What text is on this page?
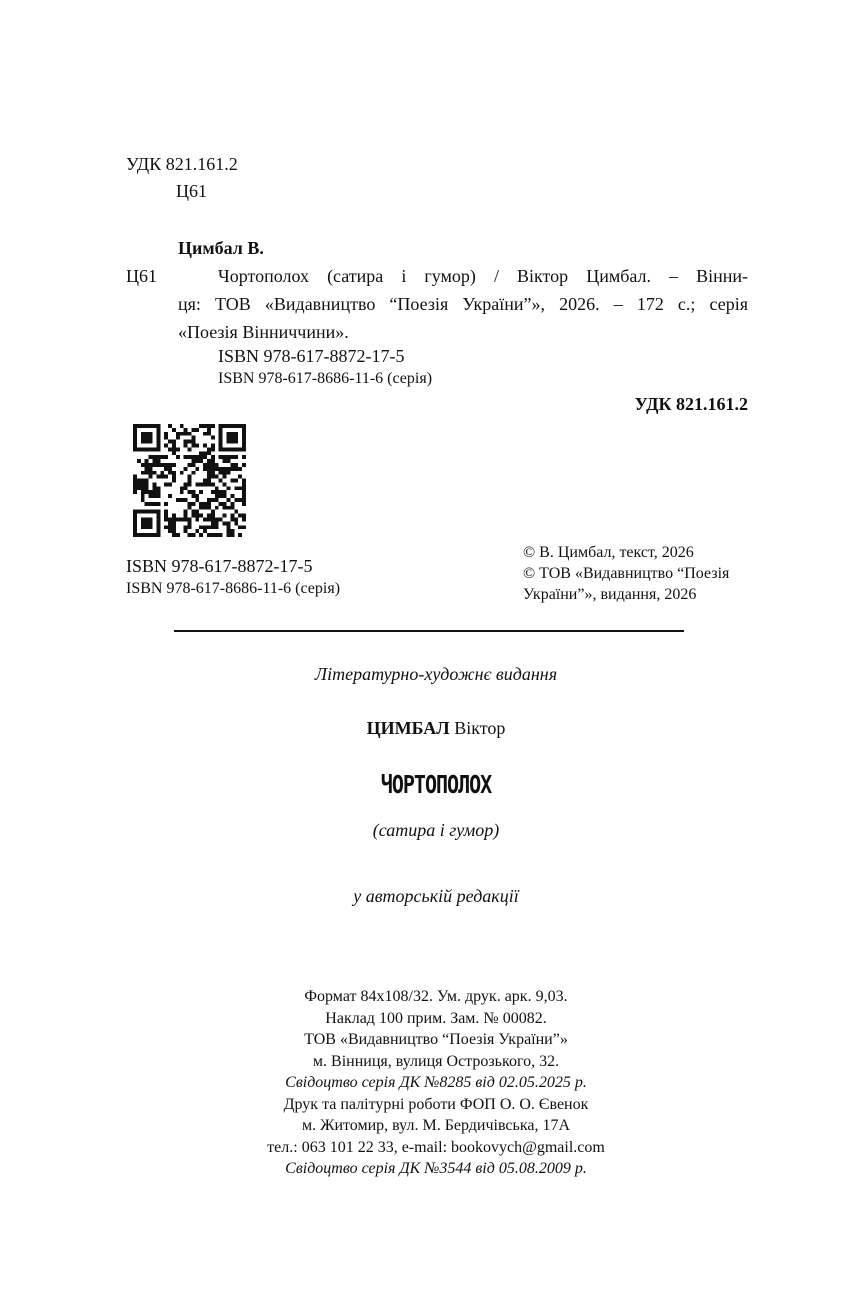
УДК 821.161.2
Ц61
Цимбал В.
Ц61	Чортополох (сатира і гумор) / Віктор Цимбал. – Вінни-
ця: ТОВ «Видавництво “Поезія України”», 2026. – 172 с.; серія
«Поезія Вінниччини».
ISBN 978-617-8872-17-5
ISBN 978-617-8686-11-6 (серія)
УДК 821.161.2
ISBN 978-617-8872-17-5
ISBN 978-617-8686-11-6 (серія)
© В. Цимбал, текст, 2026
© ТОВ «Видавництво “Поезія
України”», видання, 2026
Літературно-художнє видання
ЦИМБАЛ Віктор
ЧОРТОПОЛОХ
(сатира і гумор)
у авторській редакції
Формат 84х108/32. Ум. друк. арк. 9,03.
Наклад 100 прим. Зам. № 00082.
ТОВ «Видавництво “Поезія України”»
м. Вінниця, вулиця Острозького, 32.
Свідоцтво серія ДК №8285 від 02.05.2025 р.
Друк та палітурні роботи ФОП О. О. Євенок
м. Житомир, вул. М. Бердичівська, 17А
тел.: 063 101 22 33, e-mail: bookovych@gmail.com
Свідоцтво серія ДК №3544 від 05.08.2009 р.
